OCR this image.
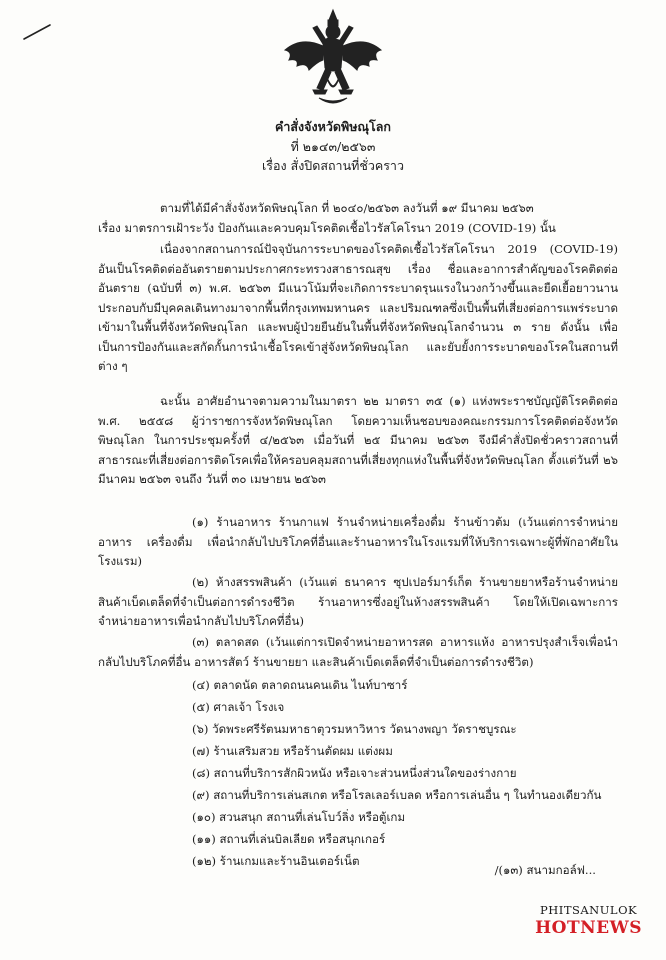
คำสั่งจังหวัดพิษณุโลก
ที่ ๒๑๔๓/๒๕๖๓
เรื่อง สั่งปิดสถานที่ชั่วคราว
ตามที่ได้มีคำสั่งจังหวัดพิษณุโลก ที่ ๒๐๔๐/๒๕๖๓ ลงวันที่ ๑๙ มีนาคม ๒๕๖๓
เรื่อง มาตรการเฝ้าระวัง ป้องกันและควบคุมโรคติดเชื้อไวรัสโคโรนา 2019 (COVID-19) นั้น
เนื่องจากสถานการณ์ปัจจุบันการระบาดของโรคติดเชื้อไวรัสโคโรนา 2019 (COVID-19) อันเป็นโรคติดต่ออันตรายตามประกาศกระทรวงสาธารณสุข เรื่อง ชื่อและอาการสำคัญของโรคติดต่ออันตราย (ฉบับที่ ๓) พ.ศ. ๒๕๖๓ มีแนวโน้มที่จะเกิดการระบาดรุนแรงในวงกว้างขึ้นและยืดเยื้อยาวนาน ประกอบกับมีบุคคลเดินทางมาจากพื้นที่กรุงเทพมหานคร และปริมณฑลซึ่งเป็นพื้นที่เสี่ยงต่อการแพร่ระบาดเข้ามาในพื้นที่จังหวัดพิษณุโลก และพบผู้ป่วยยืนยันในพื้นที่จังหวัดพิษณุโลกจำนวน ๓ ราย ดังนั้น เพื่อเป็นการป้องกันและสกัดกั้นการนำเชื้อโรคเข้าสู่จังหวัดพิษณุโลก และยับยั้งการระบาดของโรคในสถานที่ต่าง ๆ
ฉะนั้น อาศัยอำนาจตามความในมาตรา ๒๒ มาตรา ๓๕ (๑) แห่งพระราชบัญญัติโรคติดต่อ พ.ศ. ๒๕๕๘ ผู้ว่าราชการจังหวัดพิษณุโลก โดยความเห็นชอบของคณะกรรมการโรคติดต่อจังหวัดพิษณุโลก ในการประชุมครั้งที่ ๔/๒๕๖๓ เมื่อวันที่ ๒๕ มีนาคม ๒๕๖๓ จึงมีคำสั่งปิดชั่วคราวสถานที่สาธารณะที่เสี่ยงต่อการติดโรคเพื่อให้ครอบคลุมสถานที่เสี่ยงทุกแห่งในพื้นที่จังหวัดพิษณุโลก ตั้งแต่วันที่ ๒๖ มีนาคม ๒๕๖๓ จนถึง วันที่ ๓๐ เมษายน ๒๕๖๓
(๑) ร้านอาหาร ร้านกาแฟ ร้านจำหน่ายเครื่องดื่ม ร้านข้าวต้ม (เว้นแต่การจำหน่ายอาหาร เครื่องดื่ม เพื่อนำกลับไปบริโภคที่อื่นและร้านอาหารในโรงแรมที่ให้บริการเฉพาะผู้ที่พักอาศัยในโรงแรม)
(๒) ห้างสรรพสินค้า (เว้นแต่ ธนาคาร ซุปเปอร์มาร์เก็ต ร้านขายยาหรือร้านจำหน่ายสินค้าเบ็ดเตล็ดที่จำเป็นต่อการดำรงชีวิต ร้านอาหารซึ่งอยู่ในห้างสรรพสินค้า โดยให้เปิดเฉพาะการจำหน่ายอาหารเพื่อนำกลับไปบริโภคที่อื่น)
(๓) ตลาดสด (เว้นแต่การเปิดจำหน่ายอาหารสด อาหารแห้ง อาหารปรุงสำเร็จเพื่อนำกลับไปบริโภคที่อื่น อาหารสัตว์ ร้านขายยา และสินค้าเบ็ดเตล็ดที่จำเป็นต่อการดำรงชีวิต)
(๔) ตลาดนัด ตลาดถนนคนเดิน ไนท์บาซาร์
(๕) ศาลเจ้า โรงเจ
(๖) วัดพระศรีรัตนมหาธาตุวรมหาวิหาร วัดนางพญา วัดราชบูรณะ
(๗) ร้านเสริมสวย หรือร้านตัดผม แต่งผม
(๘) สถานที่บริการสักผิวหนัง หรือเจาะส่วนหนึ่งส่วนใดของร่างกาย
(๙) สถานที่บริการเล่นสเกต หรือโรลเลอร์เบลด หรือการเล่นอื่น ๆ ในทำนองเดียวกัน
(๑๐) สวนสนุก สถานที่เล่นโบว์ลิ่ง หรือตู้เกม
(๑๑) สถานที่เล่นบิลเลียด หรือสนุกเกอร์
(๑๒) ร้านเกมและร้านอินเตอร์เน็ต
/(๑๓) สนามกอล์ฟ...
PHITSANULOK
HOTNEWS
